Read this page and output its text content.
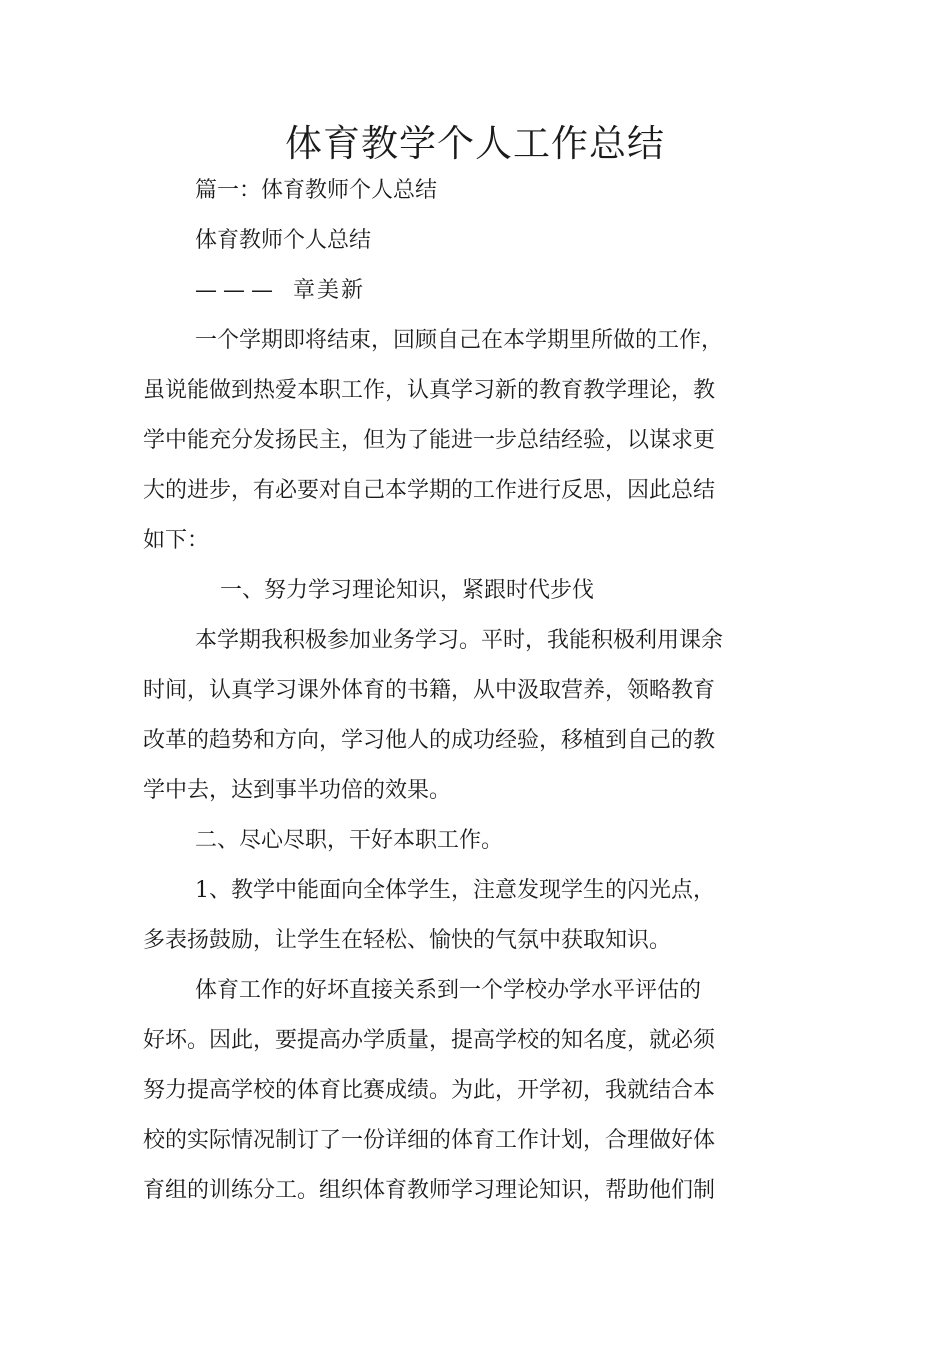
体育教学个人工作总结
篇一：体育教师个人总结
体育教师个人总结
——— 章美新
一个学期即将结束，回顾自己在本学期里所做的工作，
虽说能做到热爱本职工作，认真学习新的教育教学理论，教
学中能充分发扬民主，但为了能进一步总结经验，以谋求更
大的进步，有必要对自己本学期的工作进行反思，因此总结
如下：
一、努力学习理论知识，紧跟时代步伐
本学期我积极参加业务学习。平时，我能积极利用课余
时间，认真学习课外体育的书籍，从中汲取营养，领略教育
改革的趋势和方向，学习他人的成功经验，移植到自己的教
学中去，达到事半功倍的效果。
二、尽心尽职，干好本职工作。
1、教学中能面向全体学生，注意发现学生的闪光点，
多表扬鼓励，让学生在轻松、愉快的气氛中获取知识。
体育工作的好坏直接关系到一个学校办学水平评估的
好坏。因此，要提高办学质量，提高学校的知名度，就必须
努力提高学校的体育比赛成绩。为此，开学初，我就结合本
校的实际情况制订了一份详细的体育工作计划，合理做好体
育组的训练分工。组织体育教师学习理论知识，帮助他们制
